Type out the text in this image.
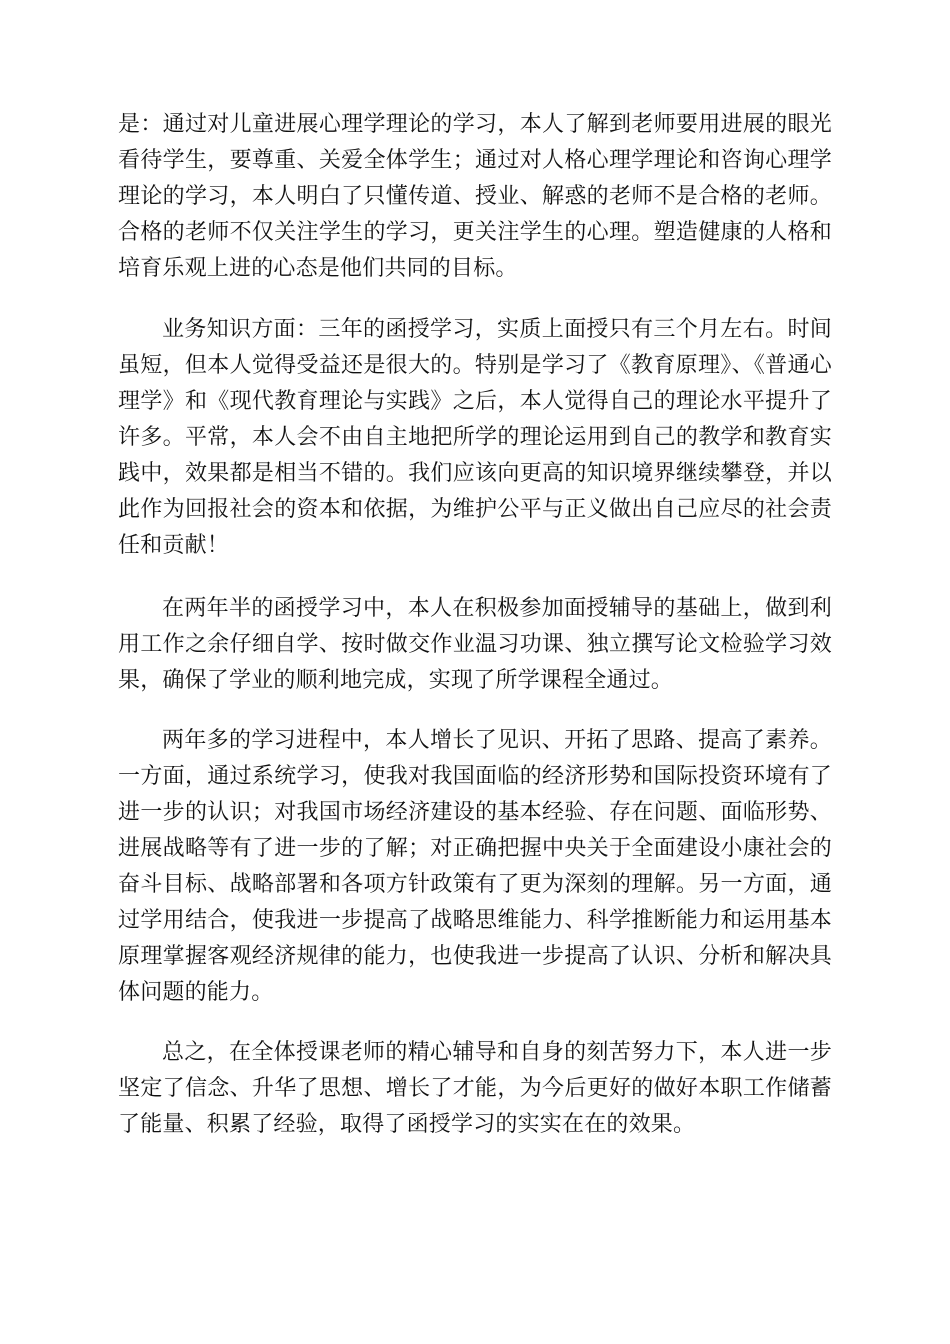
是：通过对儿童进展心理学理论的学习，本人了解到老师要用进展的眼光看待学生，要尊重、关爱全体学生；通过对人格心理学理论和咨询心理学理论的学习，本人明白了只懂传道、授业、解惑的老师不是合格的老师。合格的老师不仅关注学生的学习，更关注学生的心理。塑造健康的人格和培育乐观上进的心态是他们共同的目标。

业务知识方面：三年的函授学习，实质上面授只有三个月左右。时间虽短，但本人觉得受益还是很大的。特别是学习了《教育原理》、《普通心理学》和《现代教育理论与实践》之后，本人觉得自己的理论水平提升了许多。平常，本人会不由自主地把所学的理论运用到自己的教学和教育实践中，效果都是相当不错的。我们应该向更高的知识境界继续攀登，并以此作为回报社会的资本和依据，为维护公平与正义做出自己应尽的社会责任和贡献！

在两年半的函授学习中，本人在积极参加面授辅导的基础上，做到利用工作之余仔细自学、按时做交作业温习功课、独立撰写论文检验学习效果，确保了学业的顺利地完成，实现了所学课程全通过。

两年多的学习进程中，本人增长了见识、开拓了思路、提高了素养。一方面，通过系统学习，使我对我国面临的经济形势和国际投资环境有了进一步的认识；对我国市场经济建设的基本经验、存在问题、面临形势、进展战略等有了进一步的了解；对正确把握中央关于全面建设小康社会的奋斗目标、战略部署和各项方针政策有了更为深刻的理解。另一方面，通过学用结合，使我进一步提高了战略思维能力、科学推断能力和运用基本原理掌握客观经济规律的能力，也使我进一步提高了认识、分析和解决具体问题的能力。

总之，在全体授课老师的精心辅导和自身的刻苦努力下，本人进一步坚定了信念、升华了思想、增长了才能，为今后更好的做好本职工作储蓄了能量、积累了经验，取得了函授学习的实实在在的效果。
